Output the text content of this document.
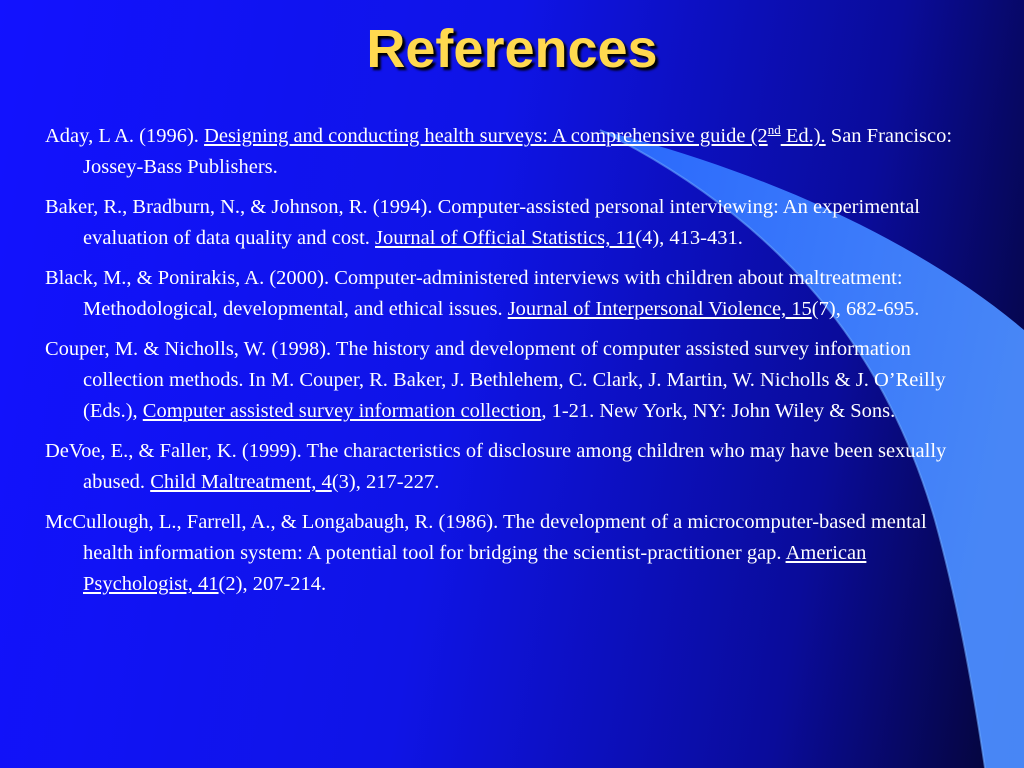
References

Aday, L A. (1996). Designing and conducting health surveys: A comprehensive guide (2nd Ed.). San Francisco: Jossey-Bass Publishers.

Baker, R., Bradburn, N., & Johnson, R. (1994). Computer-assisted personal interviewing: An experimental evaluation of data quality and cost. Journal of Official Statistics, 11(4), 413-431.

Black, M., & Ponirakis, A. (2000). Computer-administered interviews with children about maltreatment: Methodological, developmental, and ethical issues. Journal of Interpersonal Violence, 15(7), 682-695.

Couper, M. & Nicholls, W. (1998). The history and development of computer assisted survey information collection methods. In M. Couper, R. Baker, J. Bethlehem, C. Clark, J. Martin, W. Nicholls & J. O’Reilly (Eds.), Computer assisted survey information collection, 1-21. New York, NY: John Wiley & Sons.

DeVoe, E., & Faller, K. (1999). The characteristics of disclosure among children who may have been sexually abused. Child Maltreatment, 4(3), 217-227.

McCullough, L., Farrell, A., & Longabaugh, R. (1986). The development of a microcomputer-based mental health information system: A potential tool for bridging the scientist-practitioner gap. American Psychologist, 41(2), 207-214.
